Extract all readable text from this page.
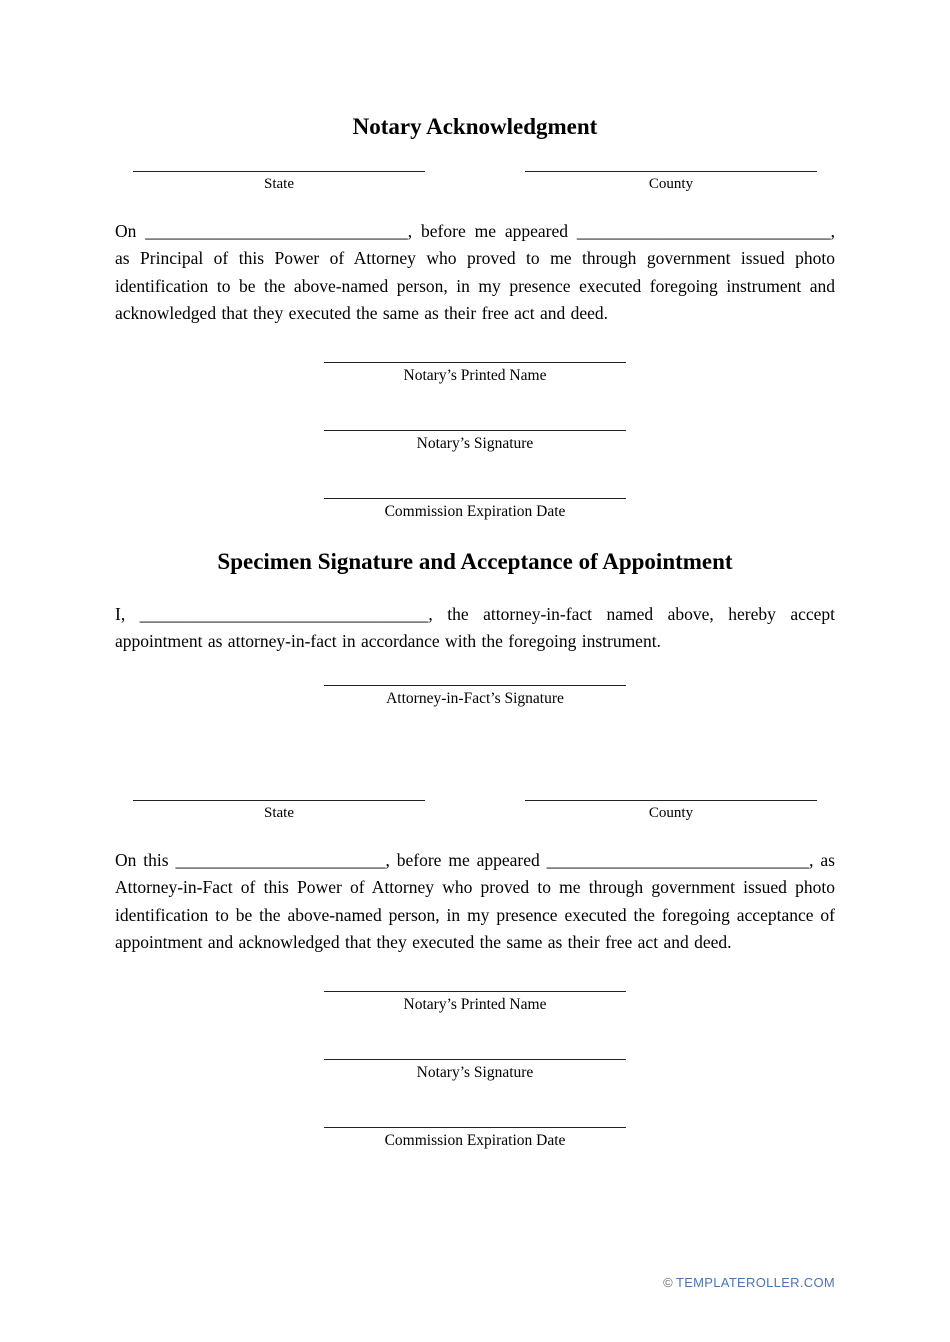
Notary Acknowledgment
State	County

On ______________________________, before me appeared _____________________________, as Principal of this Power of Attorney who proved to me through government issued photo identification to be the above-named person, in my presence executed foregoing instrument and acknowledged that they executed the same as their free act and deed.

Notary’s Printed Name
Notary’s Signature
Commission Expiration Date
Specimen Signature and Acceptance of Appointment

I, _________________________________, the attorney-in-fact named above, hereby accept appointment as attorney-in-fact in accordance with the foregoing instrument.

Attorney-in-Fact’s Signature
State	County

On this ________________________, before me appeared ______________________________, as Attorney-in-Fact of this Power of Attorney who proved to me through government issued photo identification to be the above-named person, in my presence executed the foregoing acceptance of appointment and acknowledged that they executed the same as their free act and deed.

Notary’s Printed Name
Notary’s Signature
Commission Expiration Date
© TEMPLATEROLLER.COM
